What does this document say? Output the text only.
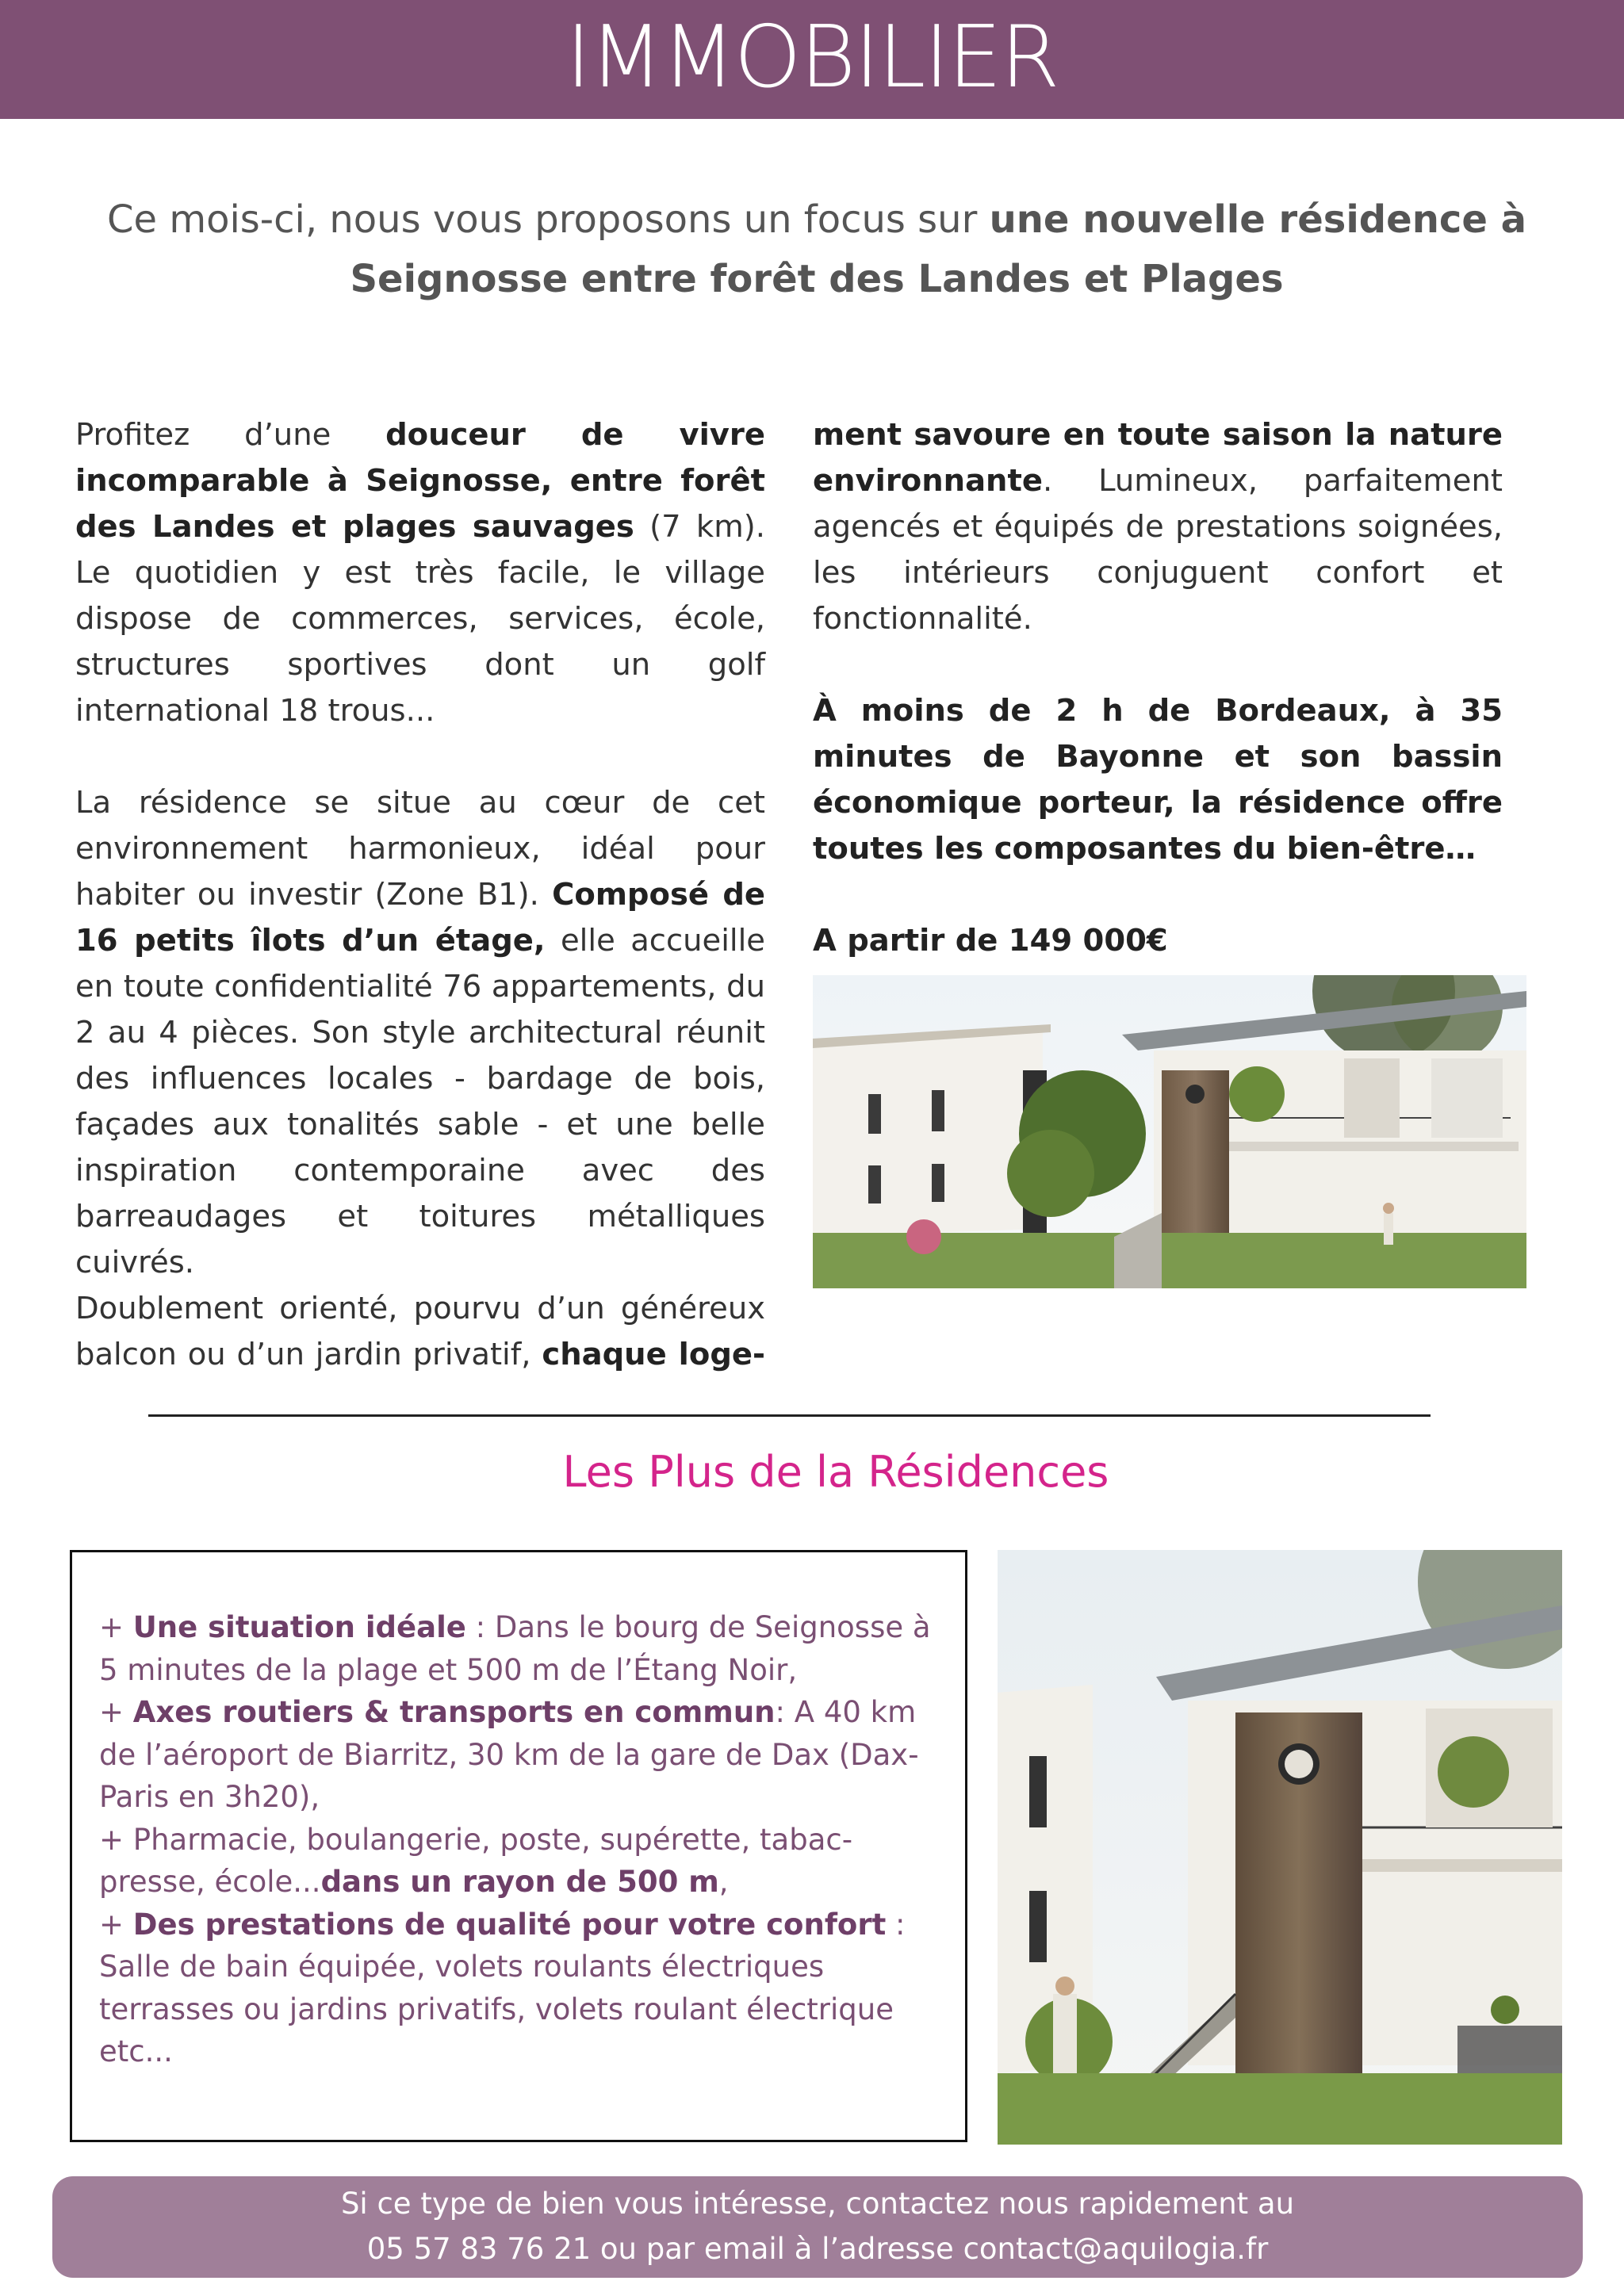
IMMOBILIER
Ce mois-ci, nous vous proposons un focus sur une nouvelle résidence à Seignosse entre forêt des Landes et Plages

Profitez d’une douceur de vivre incomparable à Seignosse, entre forêt des Landes et plages sauvages (7 km). Le quotidien y est très facile, le village dispose de commerces, services, école, structures sportives dont un golf international 18 trous...

La résidence se situe au cœur de cet environnement harmonieux, idéal pour habiter ou investir (Zone B1). Composé de 16 petits îlots d’un étage, elle accueille en toute confidentialité 76 appartements, du 2 au 4 pièces. Son style architectural réunit des influences locales - bardage de bois, façades aux tonalités sable - et une belle inspiration contemporaine avec des barreaudages et toitures métalliques cuivrés.

Doublement orienté, pourvu d’un généreux balcon ou d’un jardin privatif, chaque loge-

ment savoure en toute saison la nature environnante. Lumineux, parfaitement agencés et équipés de prestations soignées, les intérieurs conjuguent confort et fonctionnalité.

À moins de 2 h de Bordeaux, à 35 minutes de Bayonne et son bassin économique porteur, la résidence offre toutes les composantes du bien-être…

A partir de 149 000€

Les Plus de la Résidences
+ Une situation idéale : Dans le bourg de Seignosse à 5 minutes de la plage et 500 m de l’Étang Noir,
+ Axes routiers & transports en commun: A 40 km de l’aéroport de Biarritz, 30 km de la gare de Dax (Dax-Paris en 3h20),
+ Pharmacie, boulangerie, poste, supérette, tabac-presse, école...dans un rayon de 500 m,
+ Des prestations de qualité pour votre confort : Salle de bain équipée, volets roulants électriques terrasses ou jardins privatifs, volets roulant électrique etc...
Si ce type de bien vous intéresse, contactez nous rapidement au
05 57 83 76 21 ou par email à l’adresse contact@aquilogia.fr
